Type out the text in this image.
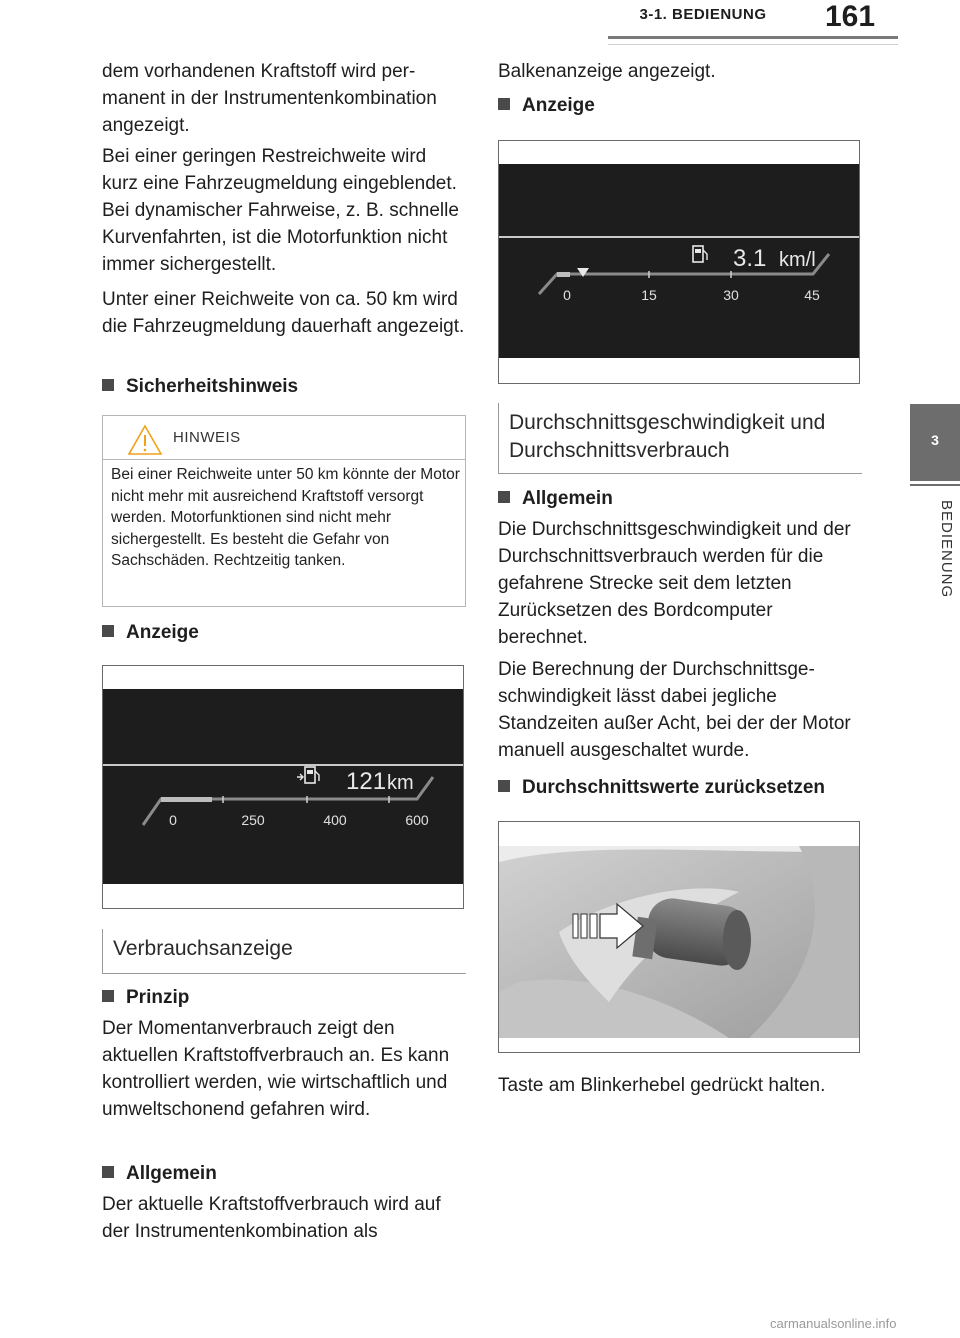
3-1. BEDIENUNG	161
3
BEDIENUNG
dem vorhandenen Kraftstoff wird permanent in der Instrumentenkombination angezeigt.
Bei einer geringen Restreichweite wird kurz eine Fahrzeugmeldung eingeblendet. Bei dynamischer Fahrweise, z. B. schnelle Kurvenfahrten, ist die Motorfunktion nicht immer sichergestellt.
Unter einer Reichweite von ca. 50 km wird die Fahrzeugmeldung dauerhaft angezeigt.
Sicherheitshinweis
HINWEIS
Bei einer Reichweite unter 50 km könnte der Motor nicht mehr mit ausreichend Kraftstoff versorgt werden. Motorfunktionen sind nicht mehr sichergestellt. Es besteht die Gefahr von Sachschäden. Rechtzeitig tanken.
Anzeige
121 km
0	250	400	600
Verbrauchsanzeige
Prinzip
Der Momentanverbrauch zeigt den aktuellen Kraftstoffverbrauch an. Es kann kontrolliert werden, wie wirtschaftlich und umweltschonend gefahren wird.
Allgemein
Der aktuelle Kraftstoffverbrauch wird auf der Instrumentenkombination als
Balkenanzeige angezeigt.
Anzeige
3.1 km/l
0	15	30	45
Durchschnittsgeschwindigkeit und Durchschnittsverbrauch
Allgemein
Die Durchschnittsgeschwindigkeit und der Durchschnittsverbrauch werden für die gefahrene Strecke seit dem letzten Zurücksetzen des Bordcomputer berechnet.
Die Berechnung der Durchschnittsgeschwindigkeit lässt dabei jegliche Standzeiten außer Acht, bei der der Motor manuell ausgeschaltet wurde.
Durchschnittswerte zurücksetzen
Taste am Blinkerhebel gedrückt halten.
carmanualsonline.info
